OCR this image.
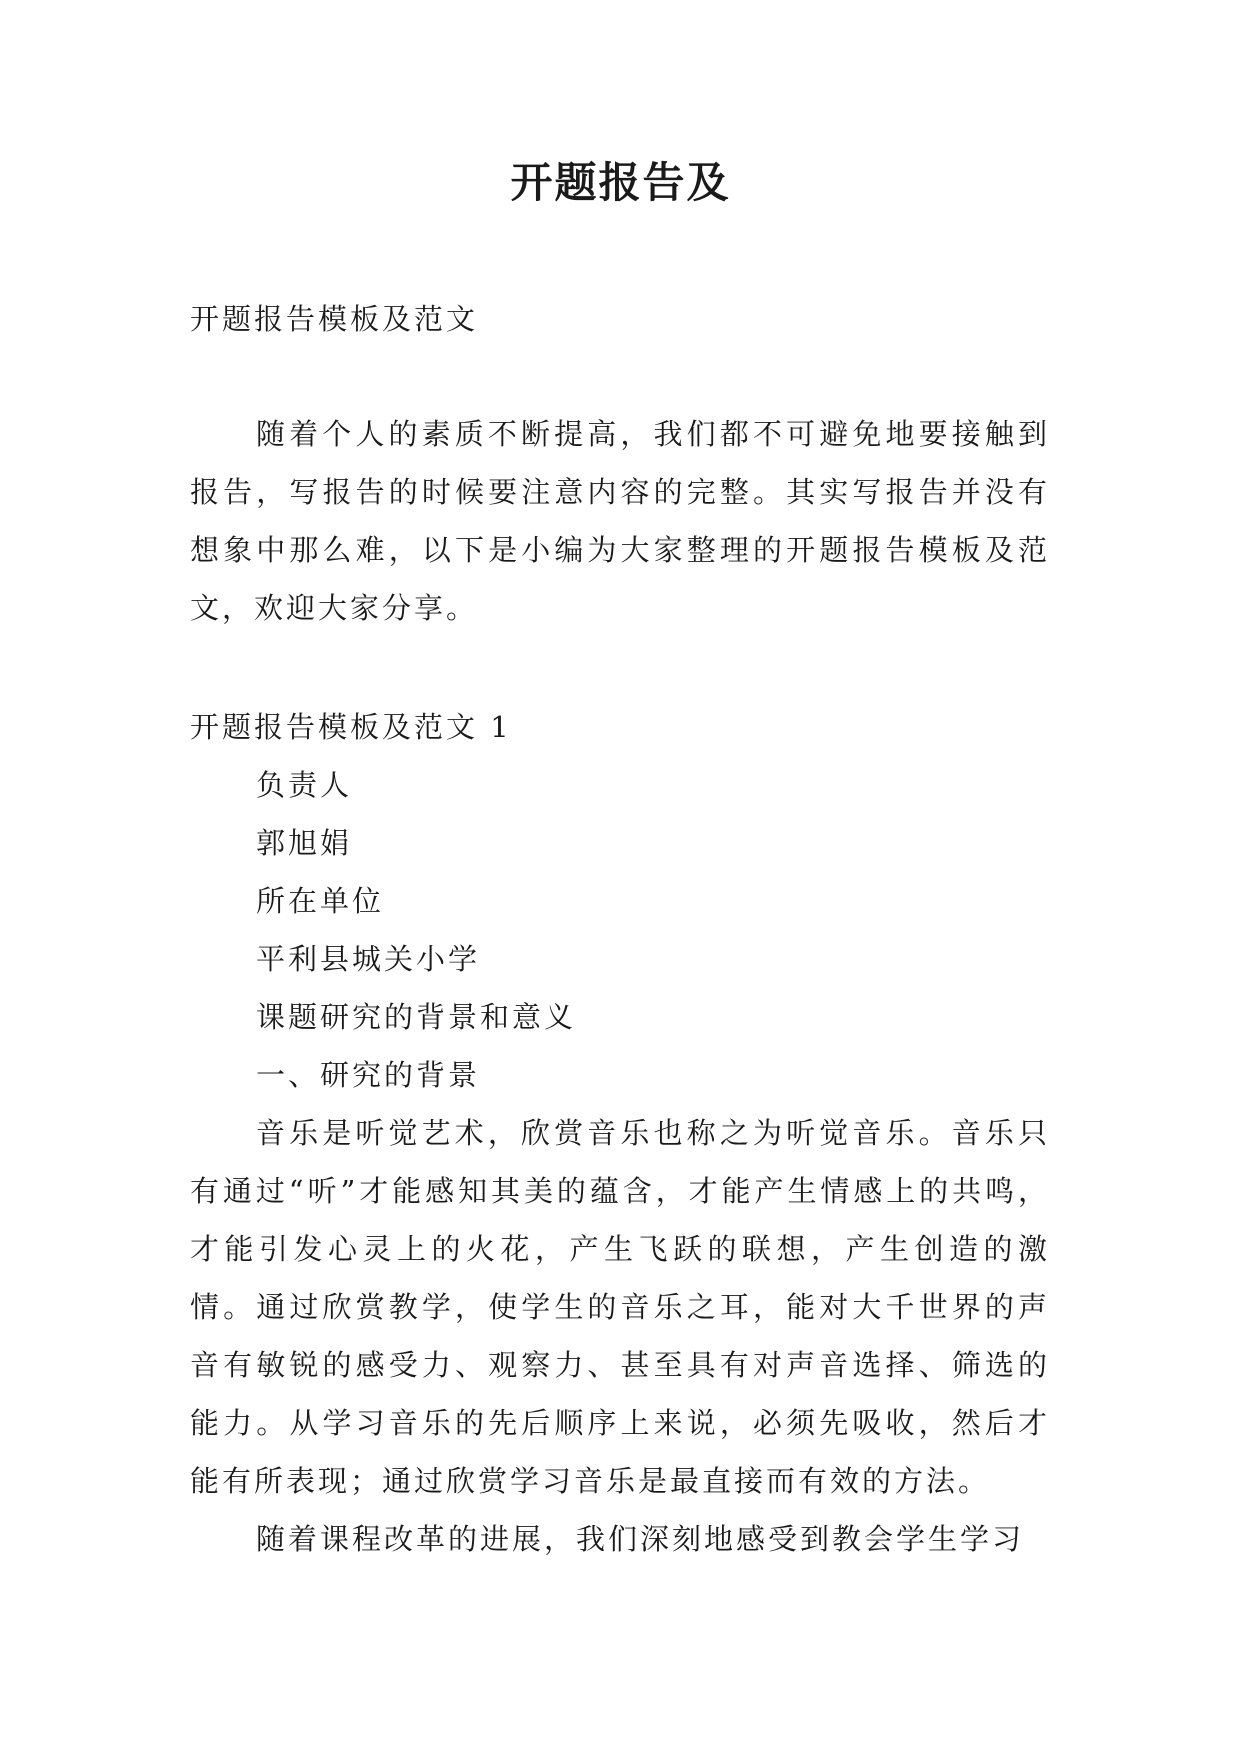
开题报告及
开题报告模板及范文
随着个人的素质不断提高，我们都不可避免地要接触到报告，写报告的时候要注意内容的完整。其实写报告并没有想象中那么难，以下是小编为大家整理的开题报告模板及范文，欢迎大家分享。
开题报告模板及范文 1
负责人
郭旭娟
所在单位
平利县城关小学
课题研究的背景和意义
一、研究的背景
音乐是听觉艺术，欣赏音乐也称之为听觉音乐。音乐只有通过“听”才能感知其美的蕴含，才能产生情感上的共鸣，才能引发心灵上的火花，产生飞跃的联想，产生创造的激情。通过欣赏教学，使学生的音乐之耳，能对大千世界的声音有敏锐的感受力、观察力、甚至具有对声音选择、筛选的能力。从学习音乐的先后顺序上来说，必须先吸收，然后才能有所表现；通过欣赏学习音乐是最直接而有效的方法。
随着课程改革的进展，我们深刻地感受到教会学生学习
